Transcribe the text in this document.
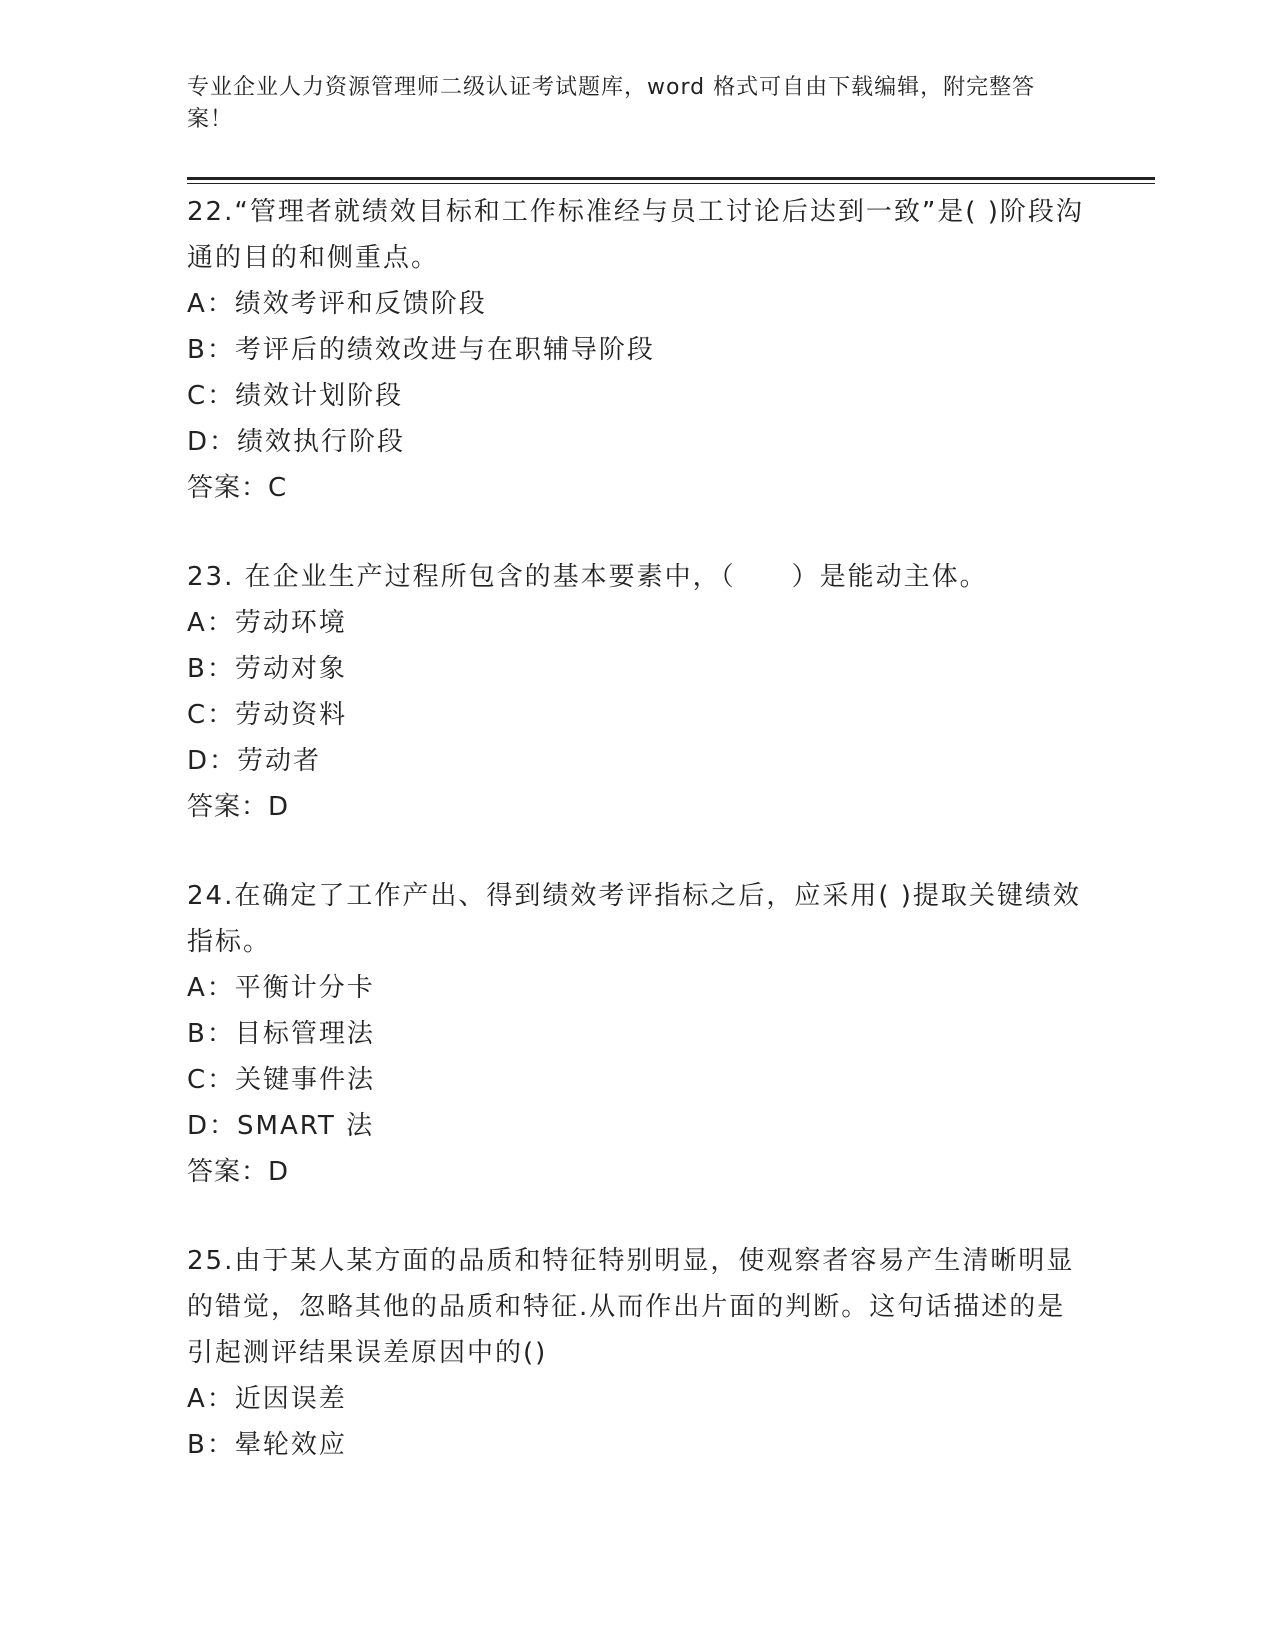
专业企业人力资源管理师二级认证考试题库，word 格式可自由下载编辑，附完整答案！
22.“管理者就绩效目标和工作标准经与员工讨论后达到一致”是( )阶段沟通的目的和侧重点。
A：绩效考评和反馈阶段
B：考评后的绩效改进与在职辅导阶段
C：绩效计划阶段
D：绩效执行阶段
答案：C
23. 在企业生产过程所包含的基本要素中，（　　）是能动主体。
A：劳动环境
B：劳动对象
C：劳动资料
D：劳动者
答案：D
24.在确定了工作产出、得到绩效考评指标之后，应采用( )提取关键绩效指标。
A：平衡计分卡
B：目标管理法
C：关键事件法
D：SMART 法
答案：D
25.由于某人某方面的品质和特征特别明显，使观察者容易产生清晰明显的错觉，忽略其他的品质和特征.从而作出片面的判断。这句话描述的是引起测评结果误差原因中的()
A：近因误差
B：晕轮效应
